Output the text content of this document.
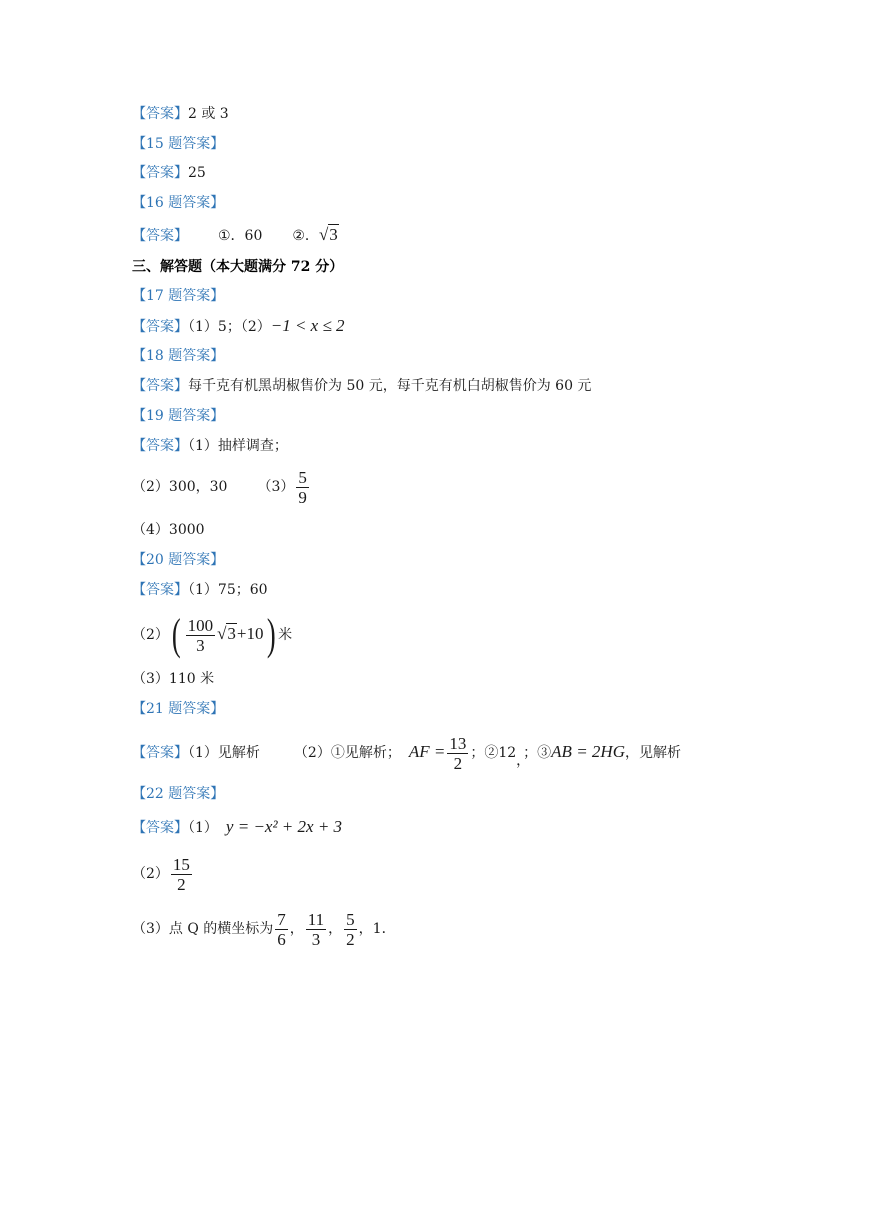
【答案】2 或 3
【15 题答案】
【答案】25
【16 题答案】
【答案】 ①．60 ②．√3
三、解答题（本大题满分 72 分）
【17 题答案】
【答案】（1）5；（2）−1 < x ≤ 2
【18 题答案】
【答案】每千克有机黑胡椒售价为 50 元，每千克有机白胡椒售价为 60 元
【19 题答案】
【答案】（1）抽样调查；
（2）300，30 $(3) \frac{5}{9}$
（4）3000
【20 题答案】
【答案】（1）75；60
$(2)( \frac{100}{3} √3+10)$ 米
（3）110 米
【21 题答案】
【答案】（1）见解析 （2）①见解析； AF = $\frac{13}{2}$ ；②12，；③AB = 2HG，见解析
【22 题答案】
【答案】（1） y = −x² + 2x + 3
$(2) \frac{15}{2}$
（3）点 Q 的横坐标为 $\frac{7}{6}$ ， $\frac{11}{3}$ ， $\frac{5}{2}$ ，1．
